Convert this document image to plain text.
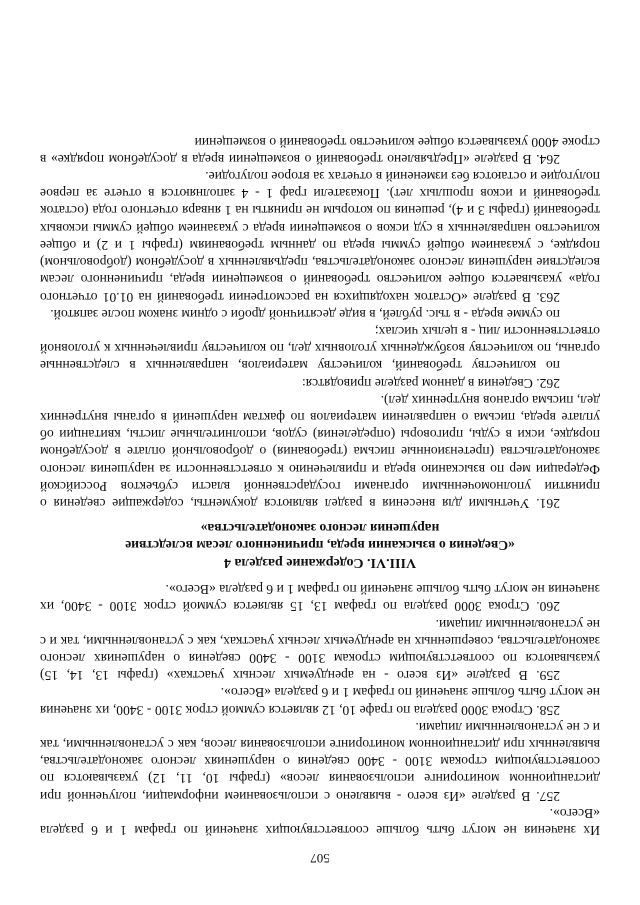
507

Их значения не могут быть больше соответствующих значений по графам 1 и 6 раздела «Всего».

257. В разделе «Из всего - выявлено с использованием информации, полученной при дистанционном мониторинге использования лесов» (графы 10, 11, 12) указываются по соответствующим строкам 3100 - 3400 сведения о нарушениях лесного законодательства, выявленных при дистанционном мониторинге использования лесов, как с установленными, так и с не установленными лицами.

258. Строка 3000 раздела по графе 10, 12 является суммой строк 3100 - 3400, их значения не могут быть больше значений по графам 1 и 6 раздела «Всего».

259. В разделе «Из всего - на арендуемых лесных участках» (графы 13, 14, 15) указываются по соответствующим строкам 3100 - 3400 сведения о нарушениях лесного законодательства, совершенных на арендуемых лесных участках, как с установленными, так и с не установленными лицами.

260. Строка 3000 раздела по графам 13, 15 является суммой строк 3100 - 3400, их значения не могут быть больше значений по графам 1 и 6 раздела «Всего».

VIII.VI. Содержание раздела 4
«Сведения о взыскании вреда, причиненного лесам вследствие
нарушения лесного законодательства»

261. Учетными для внесения в раздел являются документы, содержащие сведения о принятии уполномоченными органами государственной власти субъектов Российской Федерации мер по взысканию вреда и привлечению к ответственности за нарушения лесного законодательства (претензионные письма (требования) о добровольной оплате в досудебном порядке, иски в суды, приговоры (определения) судов, исполнительные листы, квитанции об уплате вреда, письма о направлении материалов по фактам нарушений в органы внутренних дел, письма органов внутренних дел).

262. Сведения в данном разделе приводятся:

по количеству требований, количеству материалов, направленных в следственные органы, по количеству возбужденных уголовных дел, по количеству привлеченных к уголовной ответственности лиц - в целых числах;

по сумме вреда - в тыс. рублей, в виде десятичной дроби с одним знаком после запятой.

263. В разделе «Остаток находящихся на рассмотрении требований на 01.01 отчетного года» указывается общее количество требований о возмещении вреда, причиненного лесам вследствие нарушения лесного законодательства, предъявленных в досудебном (добровольном) порядке, с указанием общей суммы вреда по данным требованиям (графы 1 и 2) и общее количество направленных в суд исков о возмещении вреда с указанием общей суммы исковых требований (графы 3 и 4), решения по которым не приняты на 1 января отчетного года (остаток требований и исков прошлых лет). Показатели граф 1 - 4 заполняются в отчете за первое полугодие и остаются без изменений в отчетах за второе полугодие.

264. В разделе «Предъявлено требований о возмещении вреда в досудебном порядке» в строке 4000 указывается общее количество требований о возмещении
